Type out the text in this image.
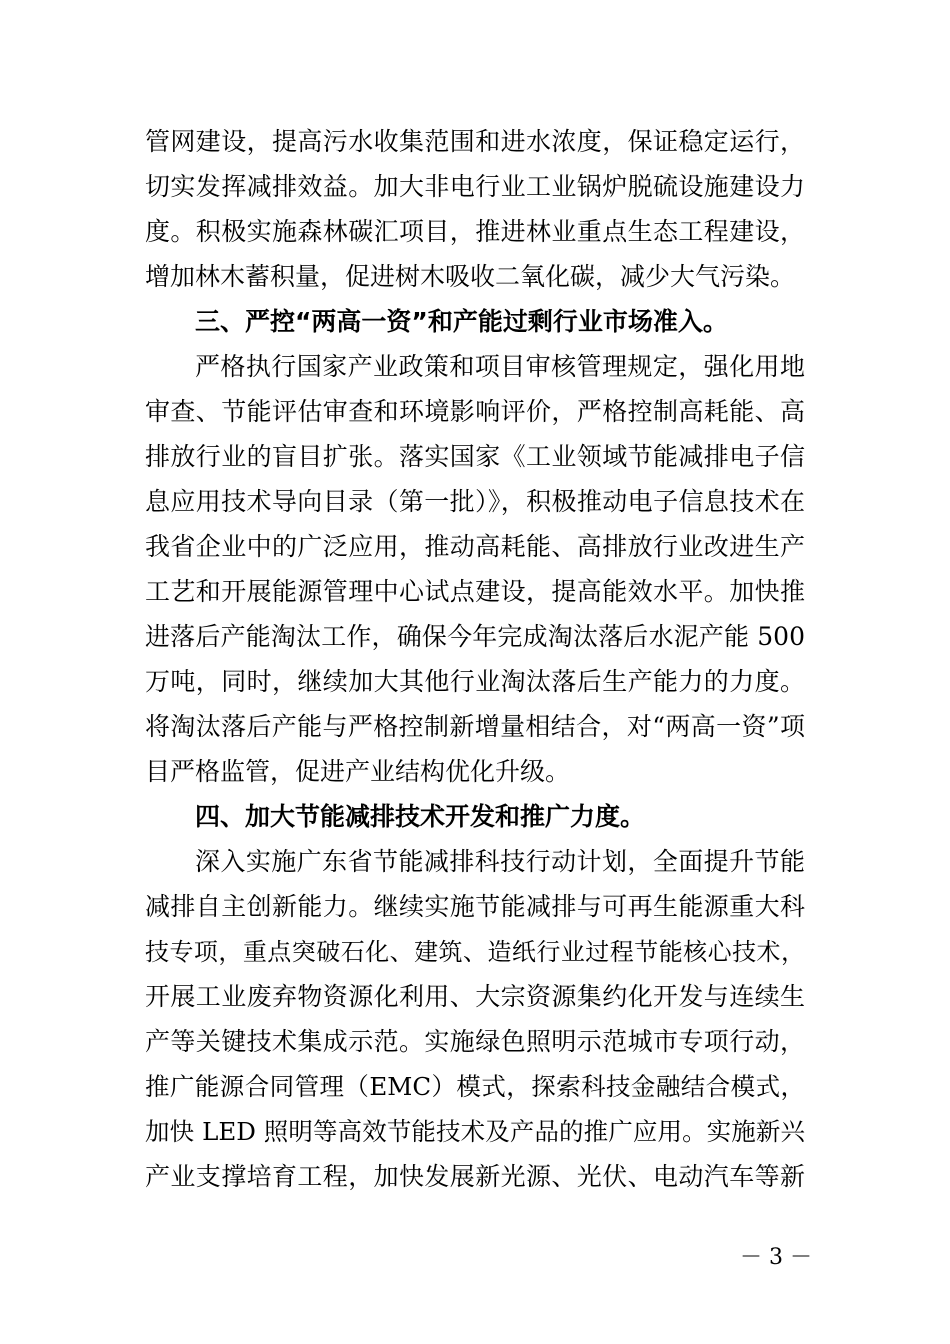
管网建设，提高污水收集范围和进水浓度，保证稳定运行，
切实发挥减排效益。加大非电行业工业锅炉脱硫设施建设力
度。积极实施森林碳汇项目，推进林业重点生态工程建设，
增加林木蓄积量，促进树木吸收二氧化碳，减少大气污染。
三、严控“两高一资”和产能过剩行业市场准入。
严格执行国家产业政策和项目审核管理规定，强化用地
审查、节能评估审查和环境影响评价，严格控制高耗能、高
排放行业的盲目扩张。落实国家《工业领域节能减排电子信
息应用技术导向目录（第一批）》，积极推动电子信息技术在
我省企业中的广泛应用，推动高耗能、高排放行业改进生产
工艺和开展能源管理中心试点建设，提高能效水平。加快推
进落后产能淘汰工作，确保今年完成淘汰落后水泥产能 500
万吨，同时，继续加大其他行业淘汰落后生产能力的力度。
将淘汰落后产能与严格控制新增量相结合，对“两高一资”项
目严格监管，促进产业结构优化升级。
四、加大节能减排技术开发和推广力度。
深入实施广东省节能减排科技行动计划，全面提升节能
减排自主创新能力。继续实施节能减排与可再生能源重大科
技专项，重点突破石化、建筑、造纸行业过程节能核心技术，
开展工业废弃物资源化利用、大宗资源集约化开发与连续生
产等关键技术集成示范。实施绿色照明示范城市专项行动，
推广能源合同管理（EMC）模式，探索科技金融结合模式，
加快 LED 照明等高效节能技术及产品的推广应用。实施新兴
产业支撑培育工程，加快发展新光源、光伏、电动汽车等新
－ 3 －
